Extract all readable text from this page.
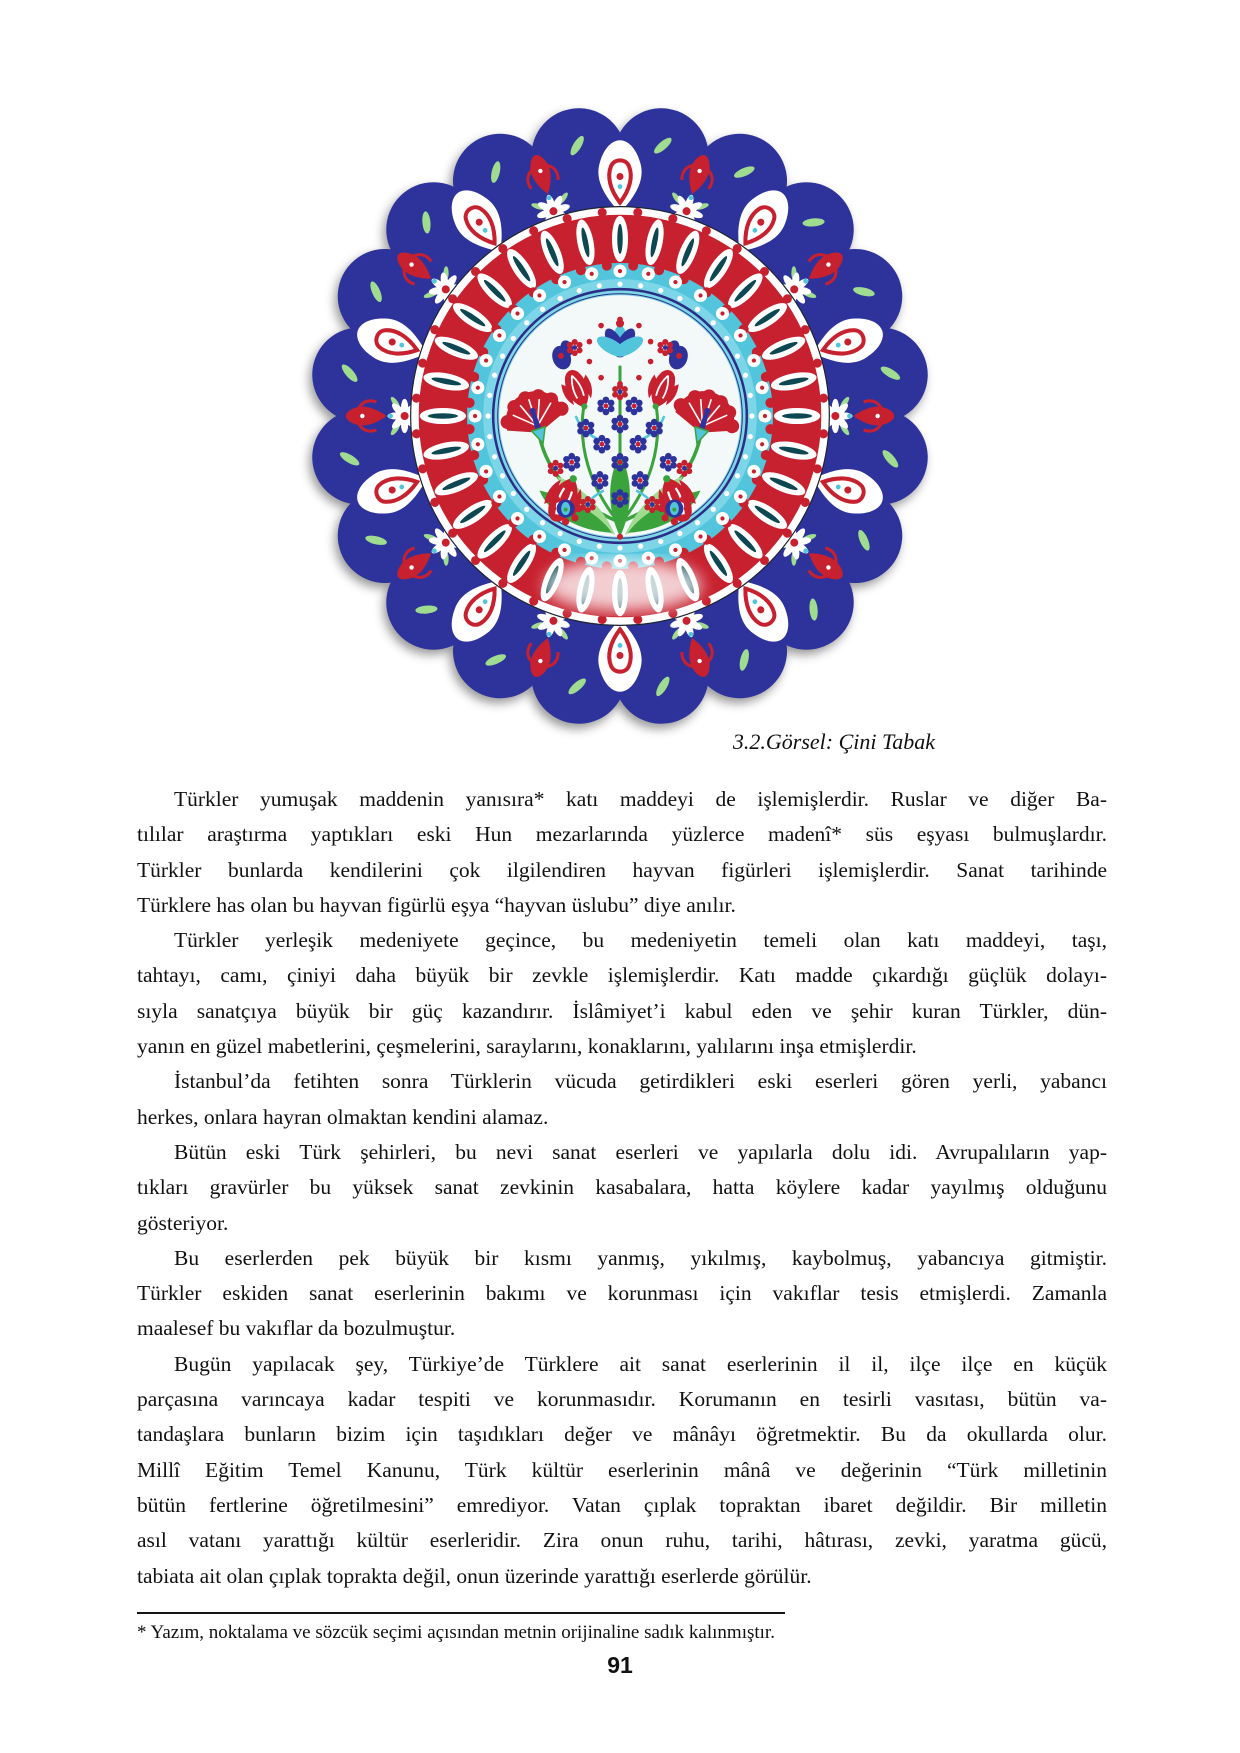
3.2.Görsel: Çini Tabak
Türkler yumuşak maddenin yanısıra* katı maddeyi de işlemişlerdir. Ruslar ve diğer Ba-
tılılar araştırma yaptıkları eski Hun mezarlarında yüzlerce madenî* süs eşyası bulmuşlardır.
Türkler bunlarda kendilerini çok ilgilendiren hayvan figürleri işlemişlerdir. Sanat tarihinde
Türklere has olan bu hayvan figürlü eşya “hayvan üslubu” diye anılır.
Türkler yerleşik medeniyete geçince, bu medeniyetin temeli olan katı maddeyi, taşı,
tahtayı, camı, çiniyi daha büyük bir zevkle işlemişlerdir. Katı madde çıkardığı güçlük dolayı-
sıyla sanatçıya büyük bir güç kazandırır. İslâmiyet’i kabul eden ve şehir kuran Türkler, dün-
yanın en güzel mabetlerini, çeşmelerini, saraylarını, konaklarını, yalılarını inşa etmişlerdir.
İstanbul’da fetihten sonra Türklerin vücuda getirdikleri eski eserleri gören yerli, yabancı
herkes, onlara hayran olmaktan kendini alamaz.
Bütün eski Türk şehirleri, bu nevi sanat eserleri ve yapılarla dolu idi. Avrupalıların yap-
tıkları gravürler bu yüksek sanat zevkinin kasabalara, hatta köylere kadar yayılmış olduğunu
gösteriyor.
Bu eserlerden pek büyük bir kısmı yanmış, yıkılmış, kaybolmuş, yabancıya gitmiştir.
Türkler eskiden sanat eserlerinin bakımı ve korunması için vakıflar tesis etmişlerdi. Zamanla
maalesef bu vakıflar da bozulmuştur.
Bugün yapılacak şey, Türkiye’de Türklere ait sanat eserlerinin il il, ilçe ilçe en küçük
parçasına varıncaya kadar tespiti ve korunmasıdır. Korumanın en tesirli vasıtası, bütün va-
tandaşlara bunların bizim için taşıdıkları değer ve mânâyı öğretmektir. Bu da okullarda olur.
Millî Eğitim Temel Kanunu, Türk kültür eserlerinin mânâ ve değerinin “Türk milletinin
bütün fertlerine öğretilmesini” emrediyor. Vatan çıplak topraktan ibaret değildir. Bir milletin
asıl vatanı yarattığı kültür eserleridir. Zira onun ruhu, tarihi, hâtırası, zevki, yaratma gücü,
tabiata ait olan çıplak toprakta değil, onun üzerinde yarattığı eserlerde görülür.
* Yazım, noktalama ve sözcük seçimi açısından metnin orijinaline sadık kalınmıştır.
91
